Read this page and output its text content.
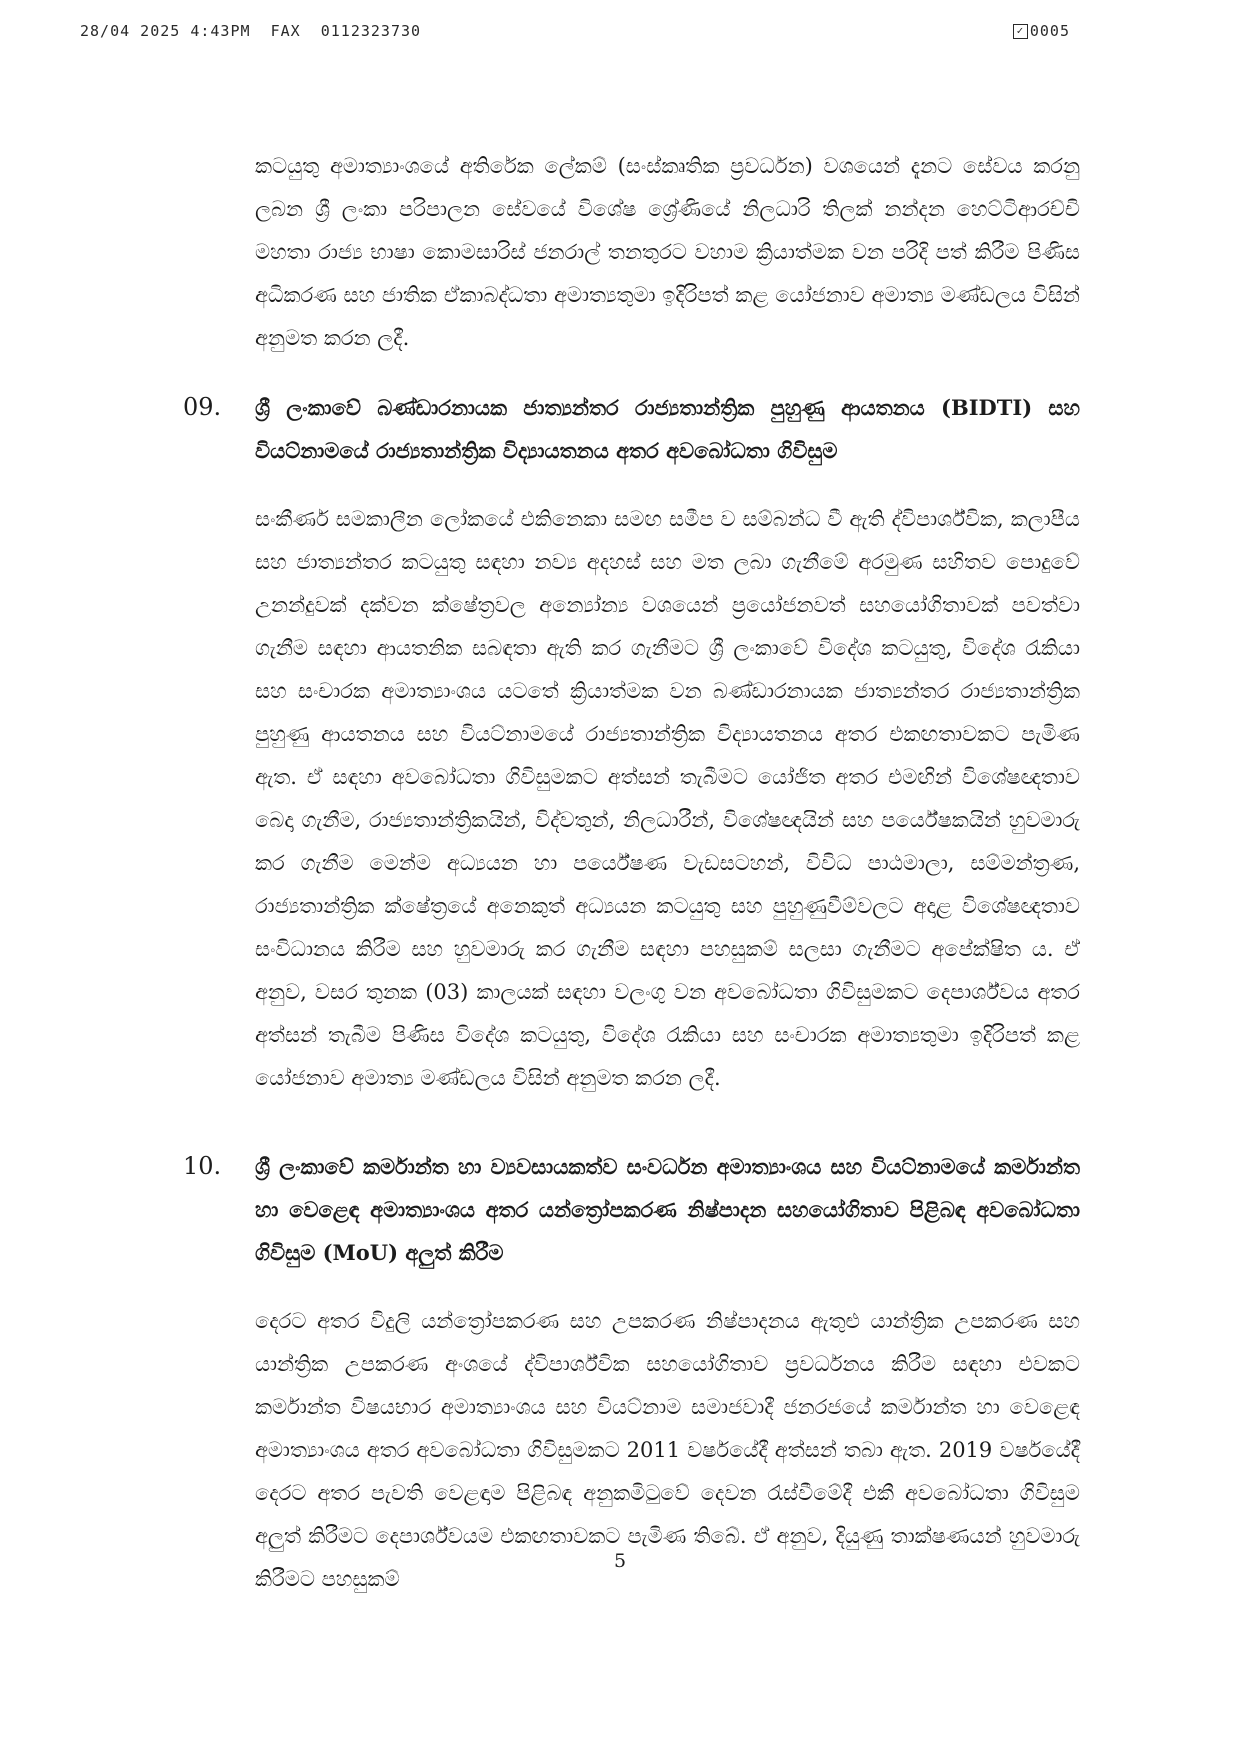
28/04 2025 4:43PM FAX 0112323730	✓ 0005
කටයුතු අමාත්‍යාංශයේ අතිරේක ලේකම් (සංස්කෘතික ප්‍රවර්ධන) වශයෙන් දැනට සේවය කරනු ලබන ශ්‍රී ලංකා පරිපාලන සේවයේ විශේෂ ශ්‍රේණියේ නිලධාරි තිලක් නන්දන හෙට්ටිආරච්චි මහතා රාජ්‍ය භාෂා කොමසාරිස් ජනරාල් තනතුරට වහාම ක්‍රියාත්මක වන පරිදි පත් කිරීම පිණිස අධිකරණ සහ ජාතික ඒකාබද්ධතා අමාත්‍යතුමා ඉදිරිපත් කළ යෝජනාව අමාත්‍ය මණ්ඩලය විසින් අනුමත කරන ලදී.
09. ශ්‍රී ලංකාවේ බණ්ඩාරනායක ජාත්‍යන්තර රාජ්‍යතාන්ත්‍රික පුහුණු ආයතනය (BIDTI) සහ වියට්නාමයේ රාජ්‍යතාන්ත්‍රික විද්‍යායතනය අතර අවබෝධතා ගිවිසුම
සංකීර්ණ සමකාලීන ලෝකයේ එකිනෙකා සමඟ සමීප ව සම්බන්ධ වී ඇති ද්විපාර්ශ්වික, කලාපීය සහ ජාත්‍යන්තර කටයුතු සඳහා නව්‍ය අදහස් සහ මත ලබා ගැනීමේ අරමුණ සහිතව පොදුවේ උනන්දුවක් දක්වන ක්ෂේත්‍රවල අන්‍යෝන්‍ය වශයෙන් ප්‍රයෝජනවත් සහයෝගිතාවක් පවත්වා ගැනීම සඳහා ආයතනික සබඳතා ඇති කර ගැනීමට ශ්‍රී ලංකාවේ විදේශ කටයුතු, විදේශ රැකියා සහ සංචාරක අමාත්‍යාංශය යටතේ ක්‍රියාත්මක වන බණ්ඩාරනායක ජාත්‍යන්තර රාජ්‍යතාන්ත්‍රික පුහුණු ආයතනය සහ වියට්නාමයේ රාජ්‍යතාන්ත්‍රික විද්‍යායතනය අතර එකඟතාවකට පැමිණ ඇත. ඒ සඳහා අවබෝධතා ගිවිසුමකට අත්සන් තැබීමට යෝජිත අතර එමඟින් විශේෂඥතාව බෙදා ගැනීම, රාජ්‍යතාන්ත්‍රිකයින්, විද්වතුන්, නිලධාරීන්, විශේෂඥයින් සහ පර්යේෂකයින් හුවමාරු කර ගැනීම මෙන්ම අධ්‍යයන හා පර්යේෂණ වැඩසටහන්, විවිධ පාඨමාලා, සම්මන්ත්‍රණ, රාජ්‍යතාන්ත්‍රික ක්ෂේත්‍රයේ අනෙකුත් අධ්‍යයන කටයුතු සහ පුහුණුවීම්වලට අදාළ විශේෂඥතාව සංවිධානය කිරීම සහ හුවමාරු කර ගැනීම සඳහා පහසුකම් සලසා ගැනීමට අපේක්ෂිත ය. ඒ අනුව, වසර තුනක (03) කාලයක් සඳහා වලංගු වන අවබෝධතා ගිවිසුමකට දෙපාර්ශ්වය අතර අත්සන් තැබීම පිණිස විදේශ කටයුතු, විදේශ රැකියා සහ සංචාරක අමාත්‍යතුමා ඉදිරිපත් කළ යෝජනාව අමාත්‍ය මණ්ඩලය විසින් අනුමත කරන ලදී.
10. ශ්‍රී ලංකාවේ කර්මාන්ත හා ව්‍යවසායකත්ව සංවර්ධන අමාත්‍යාංශය සහ වියට්නාමයේ කර්මාන්ත හා වෙළෙඳ අමාත්‍යාංශය අතර යන්ත්‍රෝපකරණ නිෂ්පාදන සහයෝගිතාව පිළිබඳ අවබෝධතා ගිවිසුම (MoU) අලුත් කිරීම
දෙරට අතර විදුලි යන්ත්‍රෝපකරණ සහ උපකරණ නිෂ්පාදනය ඇතුළු යාන්ත්‍රික උපකරණ සහ යාන්ත්‍රික උපකරණ අංශයේ ද්විපාර්ශ්වික සහයෝගිතාව ප්‍රවර්ධනය කිරීම සඳහා එවකට කර්මාන්ත විෂයභාර අමාත්‍යාංශය සහ වියට්නාම සමාජවාදී ජනරජයේ කර්මාන්ත හා වෙළෙඳ අමාත්‍යාංශය අතර අවබෝධතා ගිවිසුමකට 2011 වර්ෂයේදී අත්සන් තබා ඇත. 2019 වර්ෂයේදී දෙරට අතර පැවති වෙළඳාම පිළිබඳ අනුකමිටුවේ දෙවන රැස්වීමේදී එකී අවබෝධතා ගිවිසුම අලුත් කිරීමට දෙපාර්ශ්වයම එකඟතාවකට පැමිණ තිබේ. ඒ අනුව, දියුණු තාක්ෂණයන් හුවමාරු කිරීමට පහසුකම්
5
